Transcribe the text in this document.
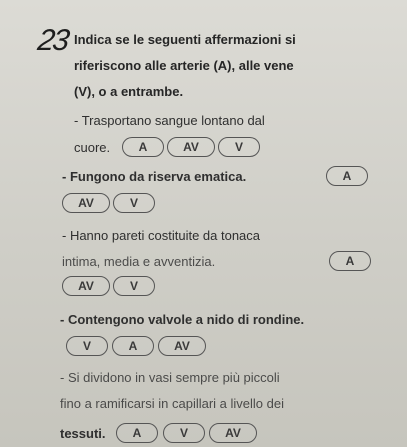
23 Indica se le seguenti affermazioni si
riferiscono alle arterie (A), alle vene
(V), o a entrambe.
- Trasportano sangue lontano dal
cuore.	A	AV	V
- Fungono da riserva ematica.	A
AV	V
- Hanno pareti costituite da tonaca
intima, media e avventizia.	A
AV	V
- Contengono valvole a nido di rondine.
V	A	AV
- Si dividono in vasi sempre più piccoli
fino a ramificarsi in capillari a livello dei
tessuti.	A	V	AV
